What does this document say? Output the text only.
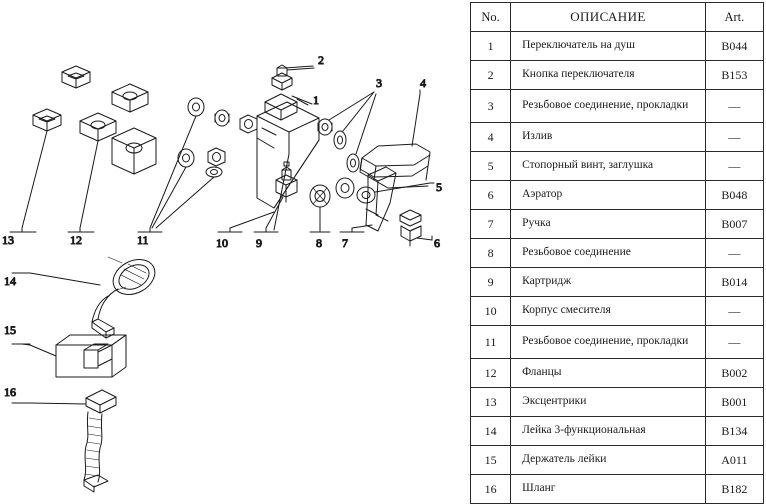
1
2
3	4
5
6
7
8
9
10
11
12
13
14
15
16
No.	ОПИСАНИЕ	Art.
1	Переключатель на душ	B044
2	Кнопка переключателя	B153
3	Резьбовое соединение, прокладки	—
4	Излив	—
5	Стопорный винт, заглушка	—
6	Аэратор	B048
7	Ручка	B007
8	Резьбовое соединение	—
9	Картридж	B014
10	Корпус смесителя	—
11	Резьбовое соединение, прокладки	—
12	Фланцы	B002
13	Эксцентрики	B001
14	Лейка 3-функциональная	B134
15	Держатель лейки	A011
16	Шланг	B182
